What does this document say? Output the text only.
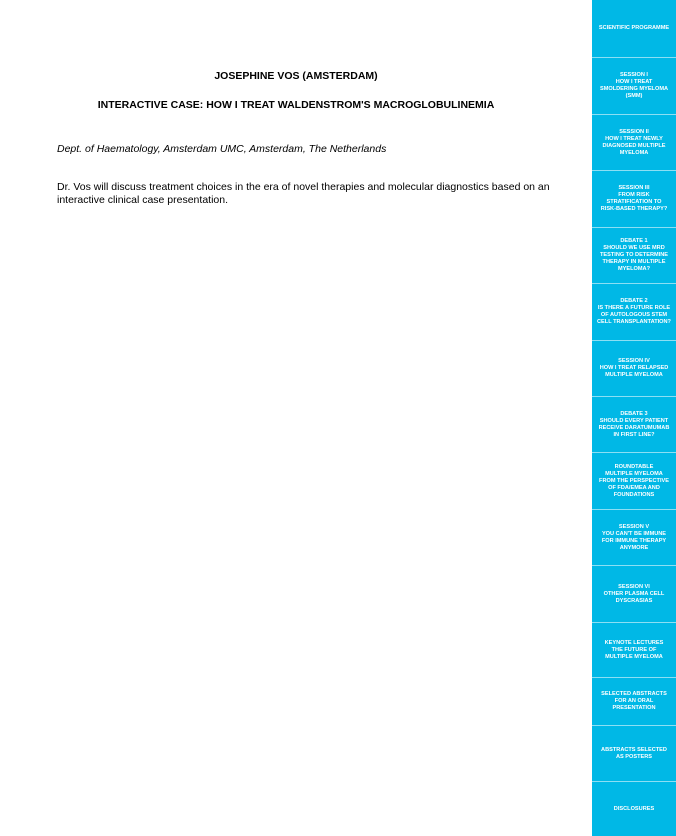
JOSEPHINE VOS (AMSTERDAM)
INTERACTIVE CASE: HOW I TREAT WALDENSTROM'S MACROGLOBULINEMIA
Dept. of Haematology, Amsterdam UMC, Amsterdam, The Netherlands
Dr. Vos will discuss treatment choices in the era of novel therapies and molecular diagnostics based on an interactive clinical case presentation.
SCIENTIFIC PROGRAMME
SESSION I
HOW I TREAT
SMOLDERING MYELOMA
(SMM)
SESSION II
HOW I TREAT NEWLY
DIAGNOSED MULTIPLE
MYELOMA
SESSION III
FROM RISK
STRATIFICATION TO
RISK-BASED THERAPY?
DEBATE 1
SHOULD WE USE MRD
TESTING TO DETERMINE
THERAPY IN MULTIPLE
MYELOMA?
DEBATE 2
IS THERE A FUTURE ROLE
OF AUTOLOGOUS STEM
CELL TRANSPLANTATION?
SESSION IV
HOW I TREAT RELAPSED
MULTIPLE MYELOMA
DEBATE 3
SHOULD EVERY PATIENT
RECEIVE DARATUMUMAB
IN FIRST LINE?
ROUNDTABLE
MULTIPLE MYELOMA
FROM THE PERSPECTIVE
OF FDA/EMEA AND
FOUNDATIONS
SESSION V
YOU CAN'T BE IMMUNE
FOR IMMUNE THERAPY
ANYMORE
SESSION VI
OTHER PLASMA CELL
DYSCRASIAS
KEYNOTE LECTURES
THE FUTURE OF
MULTIPLE MYELOMA
SELECTED ABSTRACTS
FOR AN ORAL
PRESENTATION
ABSTRACTS SELECTED
AS POSTERS
DISCLOSURES
